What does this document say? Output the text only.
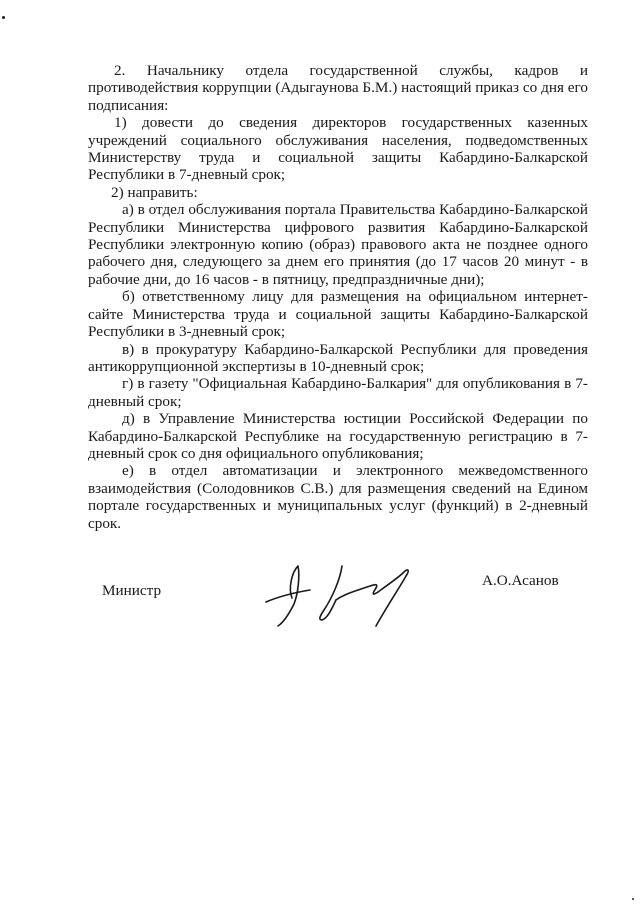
2. Начальнику отдела государственной службы, кадров и противодействия коррупции (Адыгаунова Б.М.) настоящий приказ со дня его подписания:

1) довести до сведения директоров государственных казенных учреждений социального обслуживания населения, подведомственных Министерству труда и социальной защиты Кабардино-Балкарской Республики в 7-дневный срок;

2) направить:

а) в отдел обслуживания портала Правительства Кабардино-Балкарской Республики Министерства цифрового развития Кабардино-Балкарской Республики электронную копию (образ) правового акта не позднее одного рабочего дня, следующего за днем его принятия (до 17 часов 20 минут - в рабочие дни, до 16 часов - в пятницу, предпраздничные дни);

б) ответственному лицу для размещения на официальном интернет-сайте Министерства труда и социальной защиты Кабардино-Балкарской Республики в 3-дневный срок;

в) в прокуратуру Кабардино-Балкарской Республики для проведения антикоррупционной экспертизы в 10-дневный срок;

г) в газету "Официальная Кабардино-Балкария" для опубликования в 7-дневный срок;

д) в Управление Министерства юстиции Российской Федерации по Кабардино-Балкарской Республике на государственную регистрацию в 7-дневный срок со дня официального опубликования;

е) в отдел автоматизации и электронного межведомственного взаимодействия (Солодовников С.В.) для размещения сведений на Едином портале государственных и муниципальных услуг (функций) в 2-дневный срок.

Министр
А.О.Асанов
